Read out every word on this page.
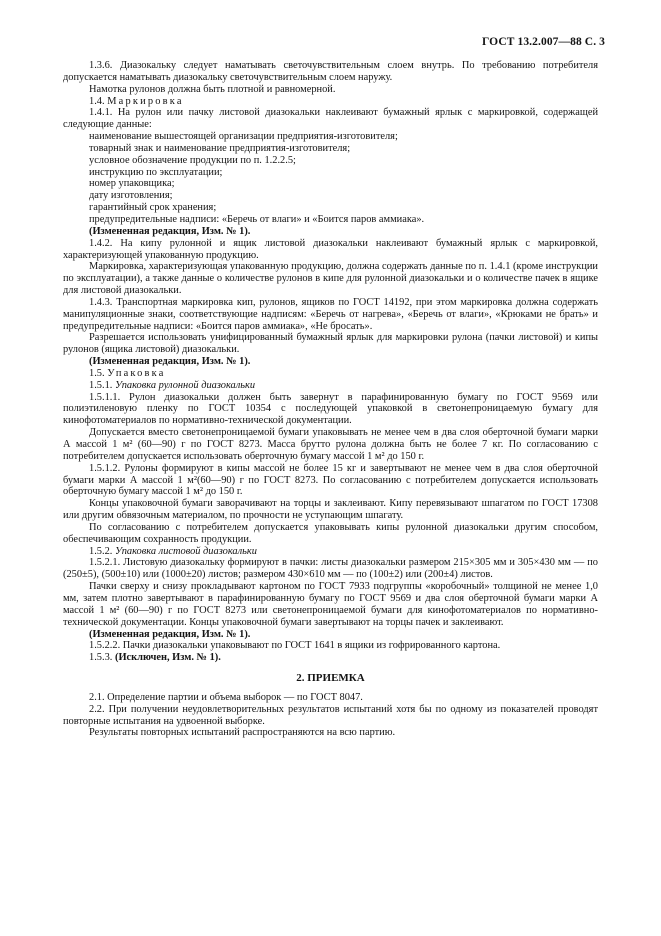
ГОСТ 13.2.007—88 С. 3

1.3.6. Диазокальку следует наматывать светочувствительным слоем внутрь. По требованию потребителя допускается наматывать диазокальку светочувствительным слоем наружу.

Намотка рулонов должна быть плотной и равномерной.

1.4. Маркировка

1.4.1. На рулон или пачку листовой диазокальки наклеивают бумажный ярлык с маркировкой, содержащей следующие данные:

наименование вышестоящей организации предприятия-изготовителя;

товарный знак и наименование предприятия-изготовителя;

условное обозначение продукции по п. 1.2.2.5;

инструкцию по эксплуатации;

номер упаковщика;

дату изготовления;

гарантийный срок хранения;

предупредительные надписи: «Беречь от влаги» и «Боится паров аммиака».

(Измененная редакция, Изм. № 1).

1.4.2. На кипу рулонной и ящик листовой диазокальки наклеивают бумажный ярлык с маркировкой, характеризующей упакованную продукцию.

Маркировка, характеризующая упакованную продукцию, должна содержать данные по п. 1.4.1 (кроме инструкции по эксплуатации), а также данные о количестве рулонов в кипе для рулонной диазокальки и о количестве пачек в ящике для листовой диазокальки.

1.4.3. Транспортная маркировка кип, рулонов, ящиков по ГОСТ 14192, при этом маркировка должна содержать манипуляционные знаки, соответствующие надписям: «Беречь от нагрева», «Беречь от влаги», «Крюками не брать» и предупредительные надписи: «Боится паров аммиака», «Не бросать».

Разрешается использовать унифицированный бумажный ярлык для маркировки рулона (пачки листовой) и кипы рулонов (ящика листовой) диазокальки.

(Измененная редакция, Изм. № 1).

1.5. Упаковка

1.5.1. Упаковка рулонной диазокальки

1.5.1.1. Рулон диазокальки должен быть завернут в парафинированную бумагу по ГОСТ 9569 или полиэтиленовую пленку по ГОСТ 10354 с последующей упаковкой в светонепроницаемую бумагу для кинофотоматериалов по нормативно-технической документации.

Допускается вместо светонепроницаемой бумаги упаковывать не менее чем в два слоя оберточной бумаги марки А массой 1 м² (60—90) г по ГОСТ 8273. Масса брутто рулона должна быть не более 7 кг. По согласованию с потребителем допускается использовать оберточную бумагу массой 1 м² до 150 г.

1.5.1.2. Рулоны формируют в кипы массой не более 15 кг и завертывают не менее чем в два слоя оберточной бумаги марки А массой 1 м²(60—90) г по ГОСТ 8273. По согласованию с потребителем допускается использовать оберточную бумагу массой 1 м² до 150 г.

Концы упаковочной бумаги заворачивают на торцы и заклеивают. Кипу перевязывают шпагатом по ГОСТ 17308 или другим обвязочным материалом, по прочности не уступающим шпагату.

По согласованию с потребителем допускается упаковывать кипы рулонной диазокальки другим способом, обеспечивающим сохранность продукции.

1.5.2. Упаковка листовой диазокальки

1.5.2.1. Листовую диазокальку формируют в пачки: листы диазокальки размером 215×305 мм и 305×430 мм — по (250±5), (500±10) или (1000±20) листов; размером 430×610 мм — по (100±2) или (200±4) листов.

Пачки сверху и снизу прокладывают картоном по ГОСТ 7933 подгруппы «коробочный» толщиной не менее 1,0 мм, затем плотно завертывают в парафинированную бумагу по ГОСТ 9569 и два слоя оберточной бумаги марки А массой 1 м² (60—90) г по ГОСТ 8273 или светонепроницаемой бумаги для кинофотоматериалов по нормативно-технической документации. Концы упаковочной бумаги завертывают на торцы пачек и заклеивают.

(Измененная редакция, Изм. № 1).

1.5.2.2. Пачки диазокальки упаковывают по ГОСТ 1641 в ящики из гофрированного картона.

1.5.3. (Исключен, Изм. № 1).

2. ПРИЕМКА

2.1. Определение партии и объема выборок — по ГОСТ 8047.

2.2. При получении неудовлетворительных результатов испытаний хотя бы по одному из показателей проводят повторные испытания на удвоенной выборке.

Результаты повторных испытаний распространяются на всю партию.
